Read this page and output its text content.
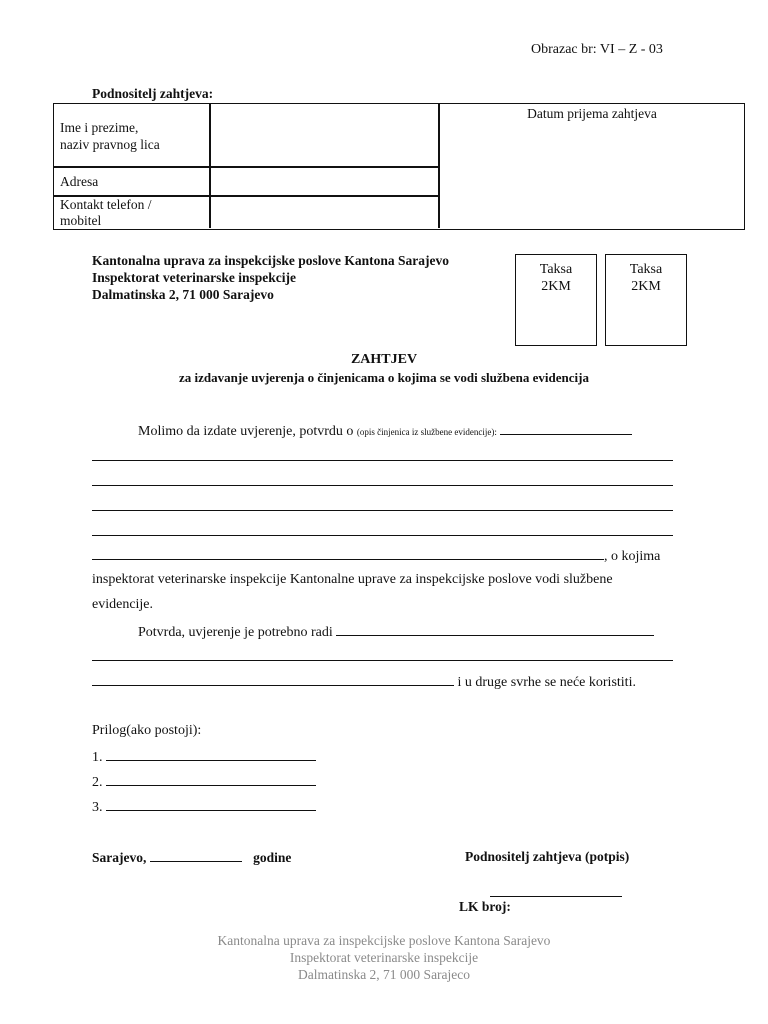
Obrazac br: VI – Z - 03
Podnositelj zahtjeva:
Ime i prezime,
naziv pravnog lica
Adresa
Kontakt telefon /
mobitel
Datum prijema zahtjeva
Kantonalna uprava za inspekcijske poslove Kantona Sarajevo
Inspektorat veterinarske inspekcije
Dalmatinska 2, 71 000 Sarajevo
Taksa
2KM
Taksa
2KM
ZAHTJEV
za izdavanje uvjerenja o činjenicama o kojima se vodi službena evidencija
Molimo da izdate uvjerenje, potvrdu o (opis činjenica iz službene evidencije):
, o kojima
inspektorat veterinarske inspekcije Kantonalne uprave za inspekcijske poslove vodi službene
evidencije.
Potvrda, uvjerenje je potrebno radi
i u druge svrhe se neće koristiti.
Prilog(ako postoji):
1.
2.
3.
Sarajevo,	godine	Podnositelj zahtjeva (potpis)
LK broj:
Kantonalna uprava za inspekcijske poslove Kantona Sarajevo
Inspektorat veterinarske inspekcije
Dalmatinska 2, 71 000 Sarajeco
